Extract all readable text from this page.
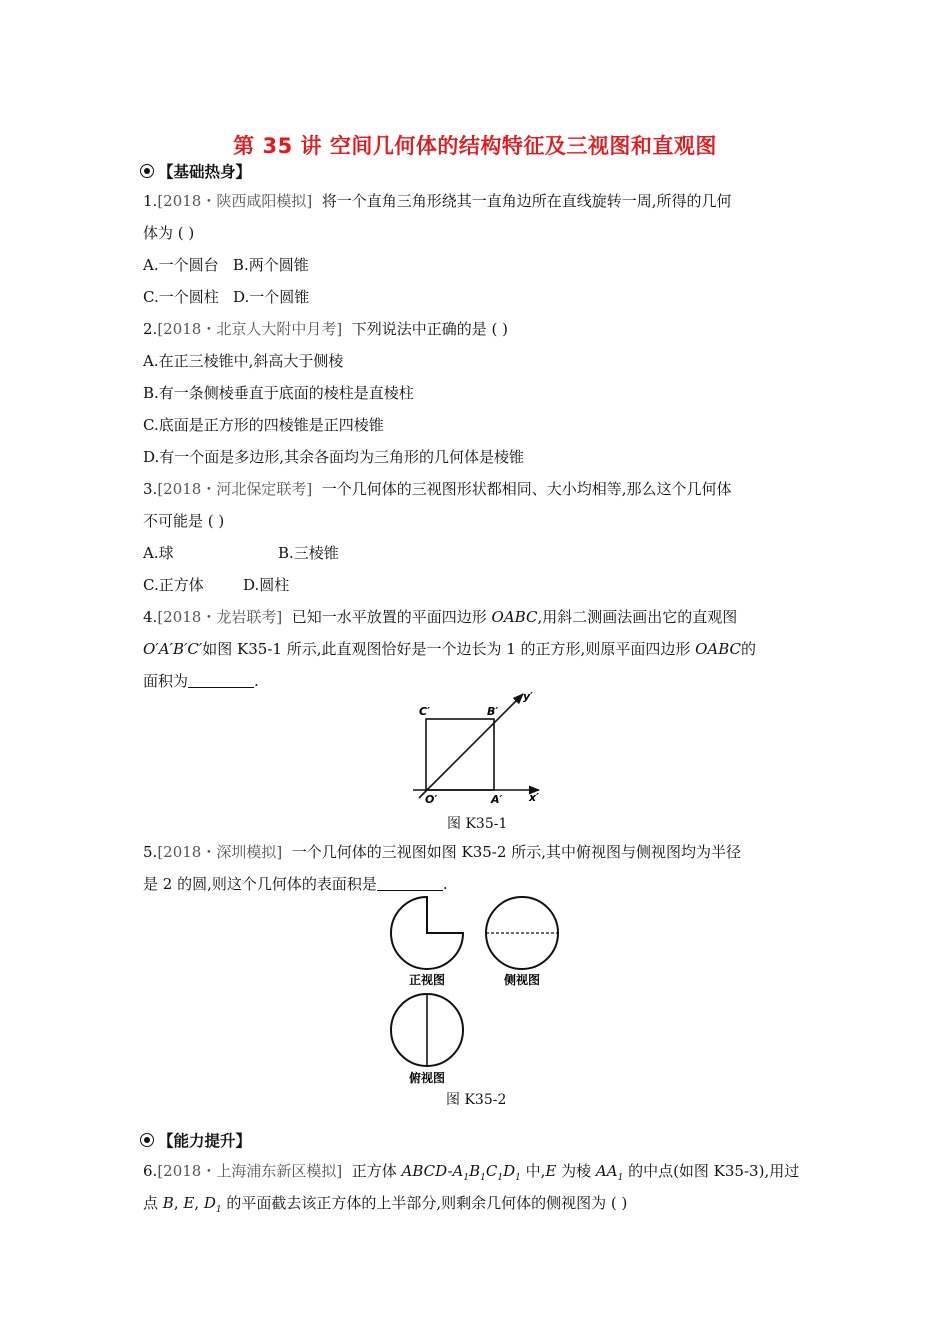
第 35 讲 空间几何体的结构特征及三视图和直观图
【基础热身】
1.[2018・陕西咸阳模拟] 将一个直角三角形绕其一直角边所在直线旋转一周,所得的几何
体为 ( )
A.一个圆台 B.两个圆锥
C.一个圆柱 D.一个圆锥
2.[2018・北京人大附中月考] 下列说法中正确的是 ( )
A.在正三棱锥中,斜高大于侧棱
B.有一条侧棱垂直于底面的棱柱是直棱柱
C.底面是正方形的四棱锥是正四棱锥
D.有一个面是多边形,其余各面均为三角形的几何体是棱锥
3.[2018・河北保定联考] 一个几何体的三视图形状都相同、大小均相等,那么这个几何体
不可能是 ( )
A.球	B.三棱锥
C.正方体	D.圆柱
4.[2018・龙岩联考] 已知一水平放置的平面四边形 OABC,用斜二测画法画出它的直观图
O′A′B′C′如图 K35-1 所示,此直观图恰好是一个边长为 1 的正方形,则原平面四边形 OABC的
面积为	.
C′	B′
y′
O′	A′ x′
图 K35-1
5.[2018・深圳模拟] 一个几何体的三视图如图 K35-2 所示,其中俯视图与侧视图均为半径
是 2 的圆,则这个几何体的表面积是	.
正视图	侧视图
俯视图
图 K35-2
【能力提升】
6.[2018・上海浦东新区模拟] 正方体 ABCD-$A_1B_1C_1D_1$ 中,E 为棱 $AA_1$ 的中点(如图 K35-3),用过
点 B, E, $D_1$ 的平面截去该正方体的上半部分,则剩余几何体的侧视图为 ( )
